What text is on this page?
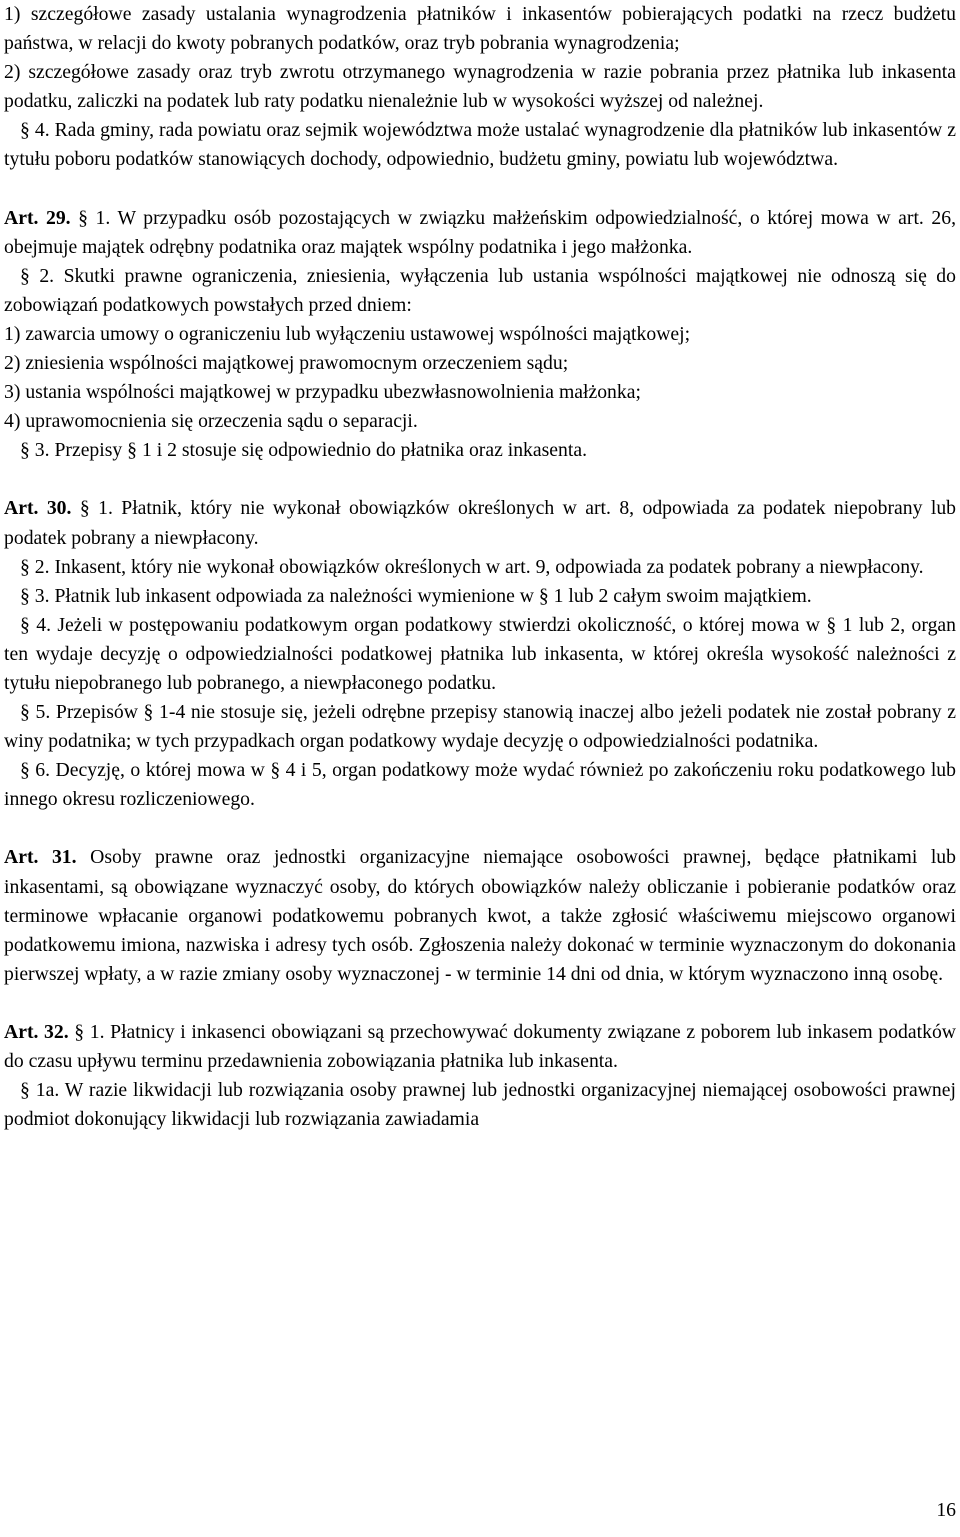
1) szczegółowe zasady ustalania wynagrodzenia płatników i inkasentów pobierających podatki na rzecz budżetu państwa, w relacji do kwoty pobranych podatków, oraz tryb pobrania wynagrodzenia;

2) szczegółowe zasady oraz tryb zwrotu otrzymanego wynagrodzenia w razie pobrania przez płatnika lub inkasenta podatku, zaliczki na podatek lub raty podatku nienależnie lub w wysokości wyższej od należnej.

§ 4. Rada gminy, rada powiatu oraz sejmik województwa może ustalać wynagrodzenie dla płatników lub inkasentów z tytułu poboru podatków stanowiących dochody, odpowiednio, budżetu gminy, powiatu lub województwa.

Art. 29. § 1. W przypadku osób pozostających w związku małżeńskim odpowiedzialność, o której mowa w art. 26, obejmuje majątek odrębny podatnika oraz majątek wspólny podatnika i jego małżonka.

§ 2. Skutki prawne ograniczenia, zniesienia, wyłączenia lub ustania wspólności majątkowej nie odnoszą się do zobowiązań podatkowych powstałych przed dniem:

1) zawarcia umowy o ograniczeniu lub wyłączeniu ustawowej wspólności majątkowej;

2) zniesienia wspólności majątkowej prawomocnym orzeczeniem sądu;

3) ustania wspólności majątkowej w przypadku ubezwłasnowolnienia małżonka;

4) uprawomocnienia się orzeczenia sądu o separacji.

§ 3. Przepisy § 1 i 2 stosuje się odpowiednio do płatnika oraz inkasenta.

Art. 30. § 1. Płatnik, który nie wykonał obowiązków określonych w art. 8, odpowiada za podatek niepobrany lub podatek pobrany a niewpłacony.

§ 2. Inkasent, który nie wykonał obowiązków określonych w art. 9, odpowiada za podatek pobrany a niewpłacony.

§ 3. Płatnik lub inkasent odpowiada za należności wymienione w § 1 lub 2 całym swoim majątkiem.

§ 4. Jeżeli w postępowaniu podatkowym organ podatkowy stwierdzi okoliczność, o której mowa w § 1 lub 2, organ ten wydaje decyzję o odpowiedzialności podatkowej płatnika lub inkasenta, w której określa wysokość należności z tytułu niepobranego lub pobranego, a niewpłaconego podatku.

§ 5. Przepisów § 1-4 nie stosuje się, jeżeli odrębne przepisy stanowią inaczej albo jeżeli podatek nie został pobrany z winy podatnika; w tych przypadkach organ podatkowy wydaje decyzję o odpowiedzialności podatnika.

§ 6. Decyzję, o której mowa w § 4 i 5, organ podatkowy może wydać również po zakończeniu roku podatkowego lub innego okresu rozliczeniowego.

Art. 31. Osoby prawne oraz jednostki organizacyjne niemające osobowości prawnej, będące płatnikami lub inkasentami, są obowiązane wyznaczyć osoby, do których obowiązków należy obliczanie i pobieranie podatków oraz terminowe wpłacanie organowi podatkowemu pobranych kwot, a także zgłosić właściwemu miejscowo organowi podatkowemu imiona, nazwiska i adresy tych osób. Zgłoszenia należy dokonać w terminie wyznaczonym do dokonania pierwszej wpłaty, a w razie zmiany osoby wyznaczonej - w terminie 14 dni od dnia, w którym wyznaczono inną osobę.

Art. 32. § 1. Płatnicy i inkasenci obowiązani są przechowywać dokumenty związane z poborem lub inkasem podatków do czasu upływu terminu przedawnienia zobowiązania płatnika lub inkasenta.

§ 1a. W razie likwidacji lub rozwiązania osoby prawnej lub jednostki organizacyjnej niemającej osobowości prawnej podmiot dokonujący likwidacji lub rozwiązania zawiadamia

16
